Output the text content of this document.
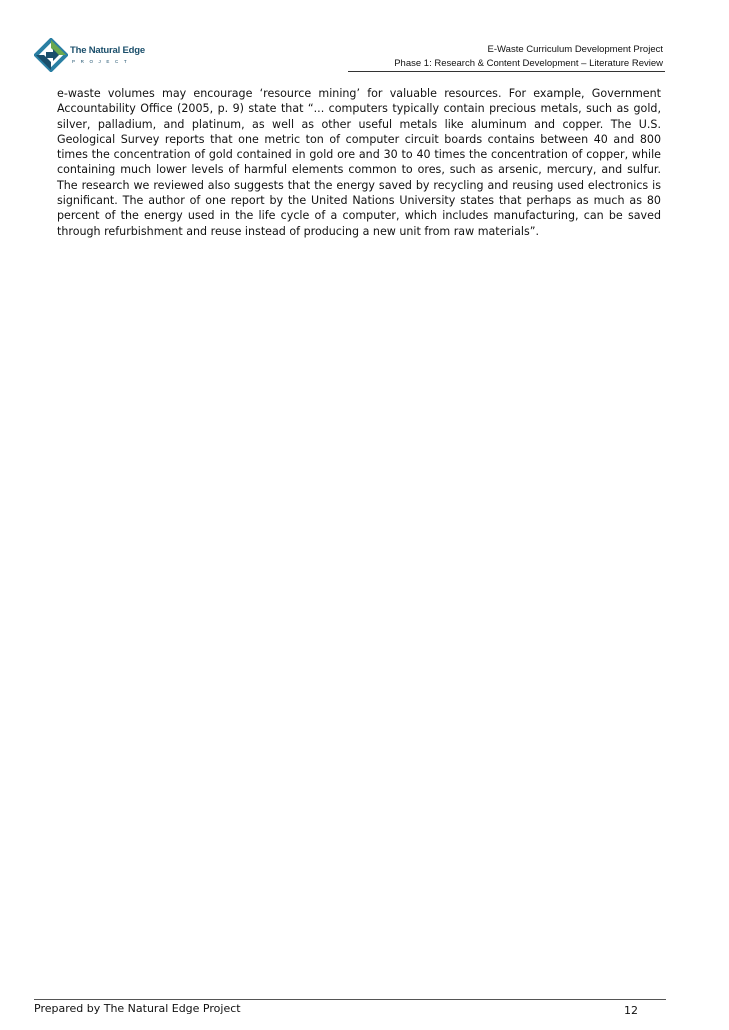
The Natural Edge
PROJECT
E-Waste Curriculum Development Project
Phase 1: Research & Content Development – Literature Review

e-waste volumes may encourage ‘resource mining’ for valuable resources. For example, Government Accountability Office (2005, p. 9) state that “... computers typically contain precious metals, such as gold, silver, palladium, and platinum, as well as other useful metals like aluminum and copper. The U.S. Geological Survey reports that one metric ton of computer circuit boards contains between 40 and 800 times the concentration of gold contained in gold ore and 30 to 40 times the concentration of copper, while containing much lower levels of harmful elements common to ores, such as arsenic, mercury, and sulfur. The research we reviewed also suggests that the energy saved by recycling and reusing used electronics is significant. The author of one report by the United Nations University states that perhaps as much as 80 percent of the energy used in the life cycle of a computer, which includes manufacturing, can be saved through refurbishment and reuse instead of producing a new unit from raw materials”.

Prepared by The Natural Edge Project	12
